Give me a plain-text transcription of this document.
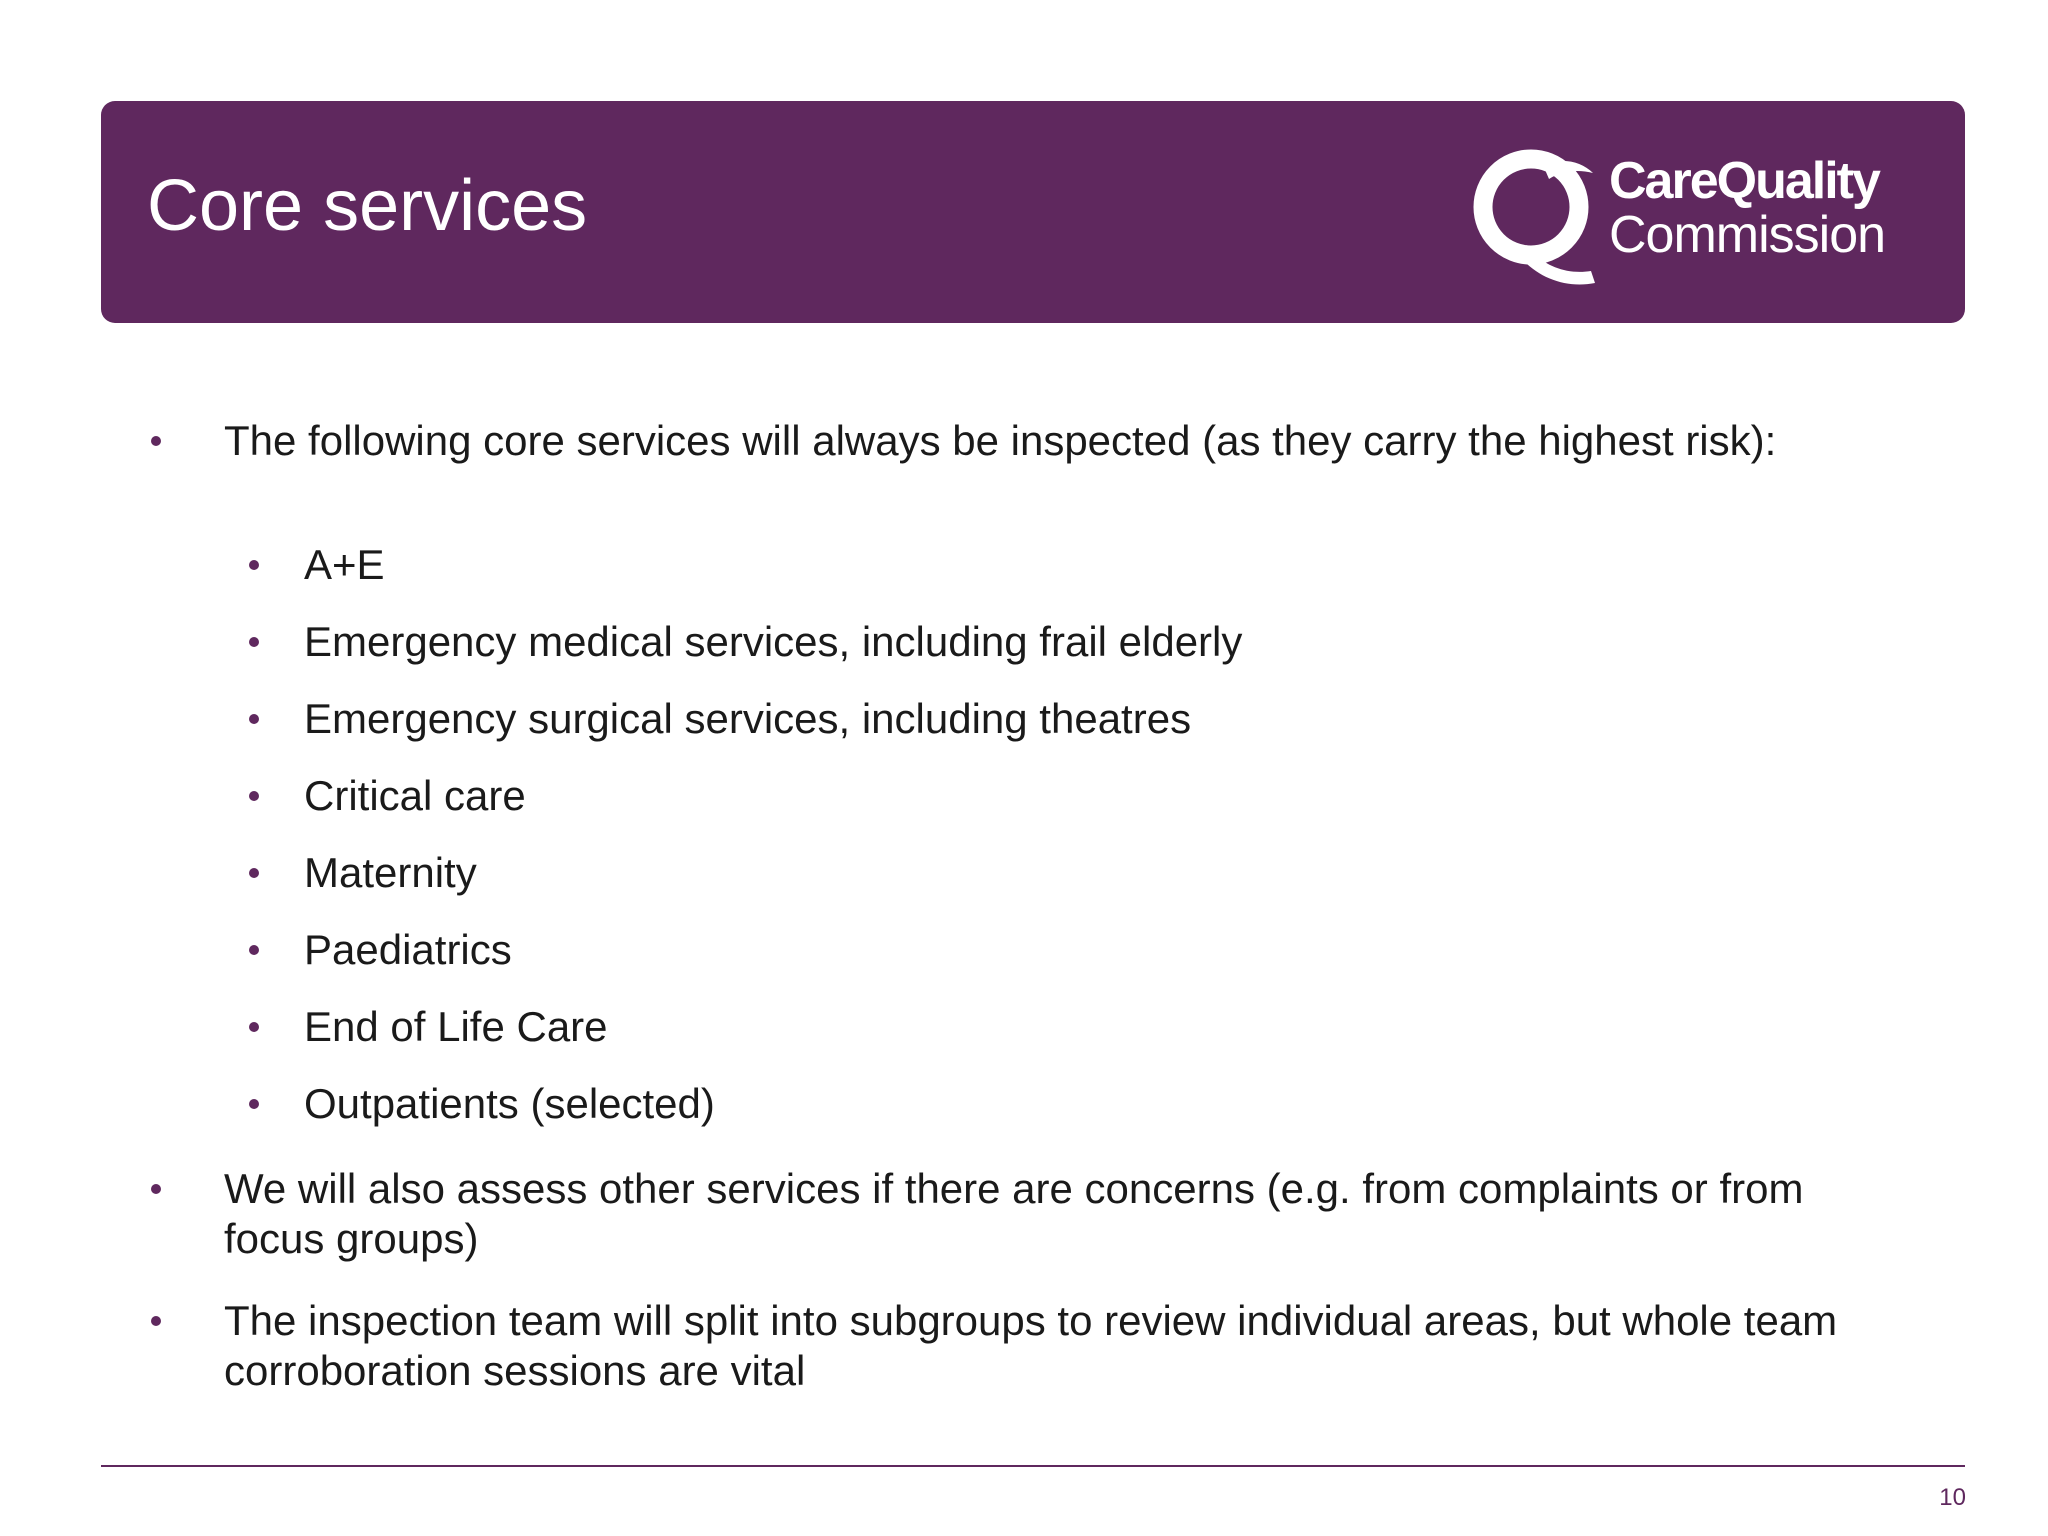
Core services	CareQuality
Commission
The following core services will always be inspected (as they carry the highest risk):
A+E
Emergency medical services, including frail elderly
Emergency surgical services, including theatres
Critical care
Maternity
Paediatrics
End of Life Care
Outpatients (selected)
We will also assess other services if there are concerns (e.g. from complaints or from focus groups)
The inspection team will split into subgroups to review individual areas, but whole team corroboration sessions are vital
10
